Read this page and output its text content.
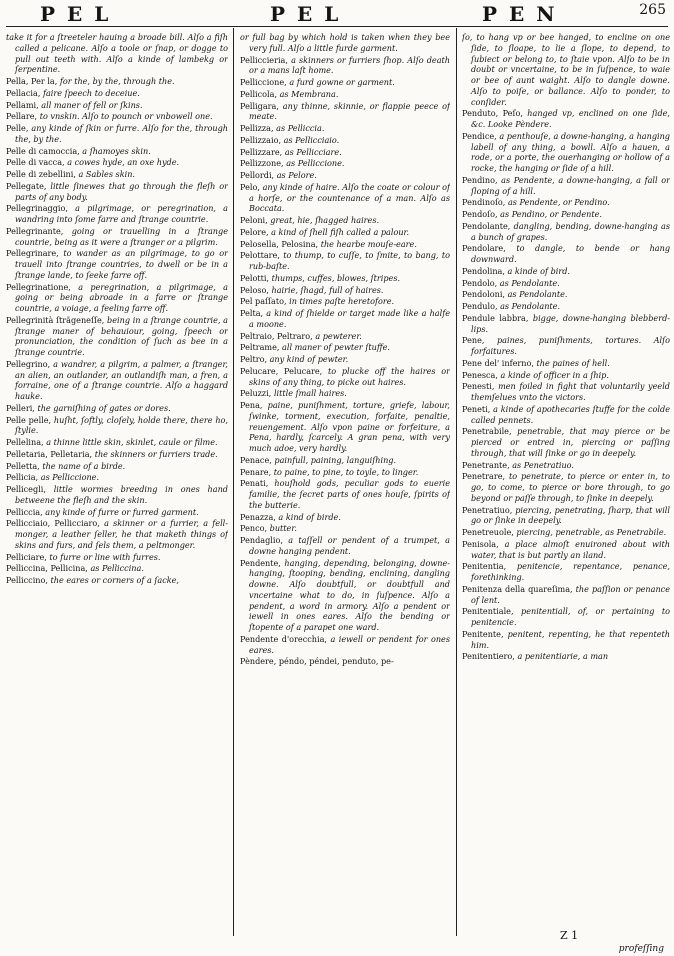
PEL	PEL	PEN	265
take it for a ſtreeteler hauing a broade bill. Alſo a fiſh called a pelicane. Alſo a toole or ſnap, or dogge to pull out teeth with. Alſo a kinde of lambekg or ſerpentine.
Pella, Per la, for the, by the, through the.
Pellacia, faire ſpeech to deceiue.
Pellami, all maner of fell or ſkins.
Pellare, to vnskin. Alſo to pounch or vnbowell one.
Pelle, any kinde of ſkin or furre. Alſo for the, through the, by the.
Pelle di camoccia, a ſhamoyes skin.
Pelle di vacca, a cowes hyde, an oxe hyde.
Pelle di zebellini, a Sables skin.
Pellegate, little ſinewes that go through the fleſh or parts of any body.
Pellegrinaggio, a pilgrimage, or peregrination, a wandring into ſome farre and ſtrange countrie.
Pellegrinante, going or trauelling in a ſtrange countrie, being as it were a ſtranger or a pilgrim.
Pellegrinare, to wander as an pilgrimage, to go or trauell into ſtrange countries, to dwell or be in a ſtrange lande, to ſeeke farre off.
Pellegrinatione, a peregrination, a pilgrimage, a going or being abroade in a farre or ſtrange countrie, a voiage, a feeling farre off.
Pellegrinità ſtrãgeneſſe, being in a ſtrange countrie, a ſtrange maner of behauiour, going, ſpeech or pronunciation, the condition of ſuch as bee in a ſtrange countrie.
Pellegrino, a wandrer, a pilgrim, a palmer, a ſtranger, an alien, an outlander, an outlandiſh man, a fren, a forraine, one of a ſtrange countrie. Alſo a haggard hauke.
Pelleri, the garniſhing of gates or dores.
Pelle pelle, huſht, ſoftly, cloſely, holde there, there ho, ſtylie.
Pellelina, a thinne little skin, skinlet, caule or filme.
Pelletaria, Pelletaria, the skinners or furriers trade.
Pelletta, the name of a birde.
Pellicia, as Pelliccione.
Pellicegli, little wormes breeding in ones hand betweene the fleſh and the skin.
Pelliccia, any kinde of furre or furred garment.
Pellicciaio, Pellicciaro, a skinner or a furrier, a fell-monger, a leather ſeller, he that maketh things of skins and furs, and ſels them, a peltmonger.
Pelliciare, to furre or line with furres.
Pelliccina, Pellicina, as Pelliccina.
Pelliccino, the eares or corners of a ſacke,
or full bag by which hold is taken when they bee very full. Alſo a little furde garment.
Pelliccieria, a skinners or furriers ſhop. Alſo death or a mans laſt home.
Pelliccione, a furd gowne or garment.
Pellicola, as Membrana.
Pelligara, any thinne, skinnie, or flappie peece of meate.
Pellizza, as Pelliccia.
Pellizzaio, as Pellicciaio.
Pellizzare, as Pellicciare.
Pellizzone, as Pelliccione.
Pellordi, as Pelore.
Pelo, any kinde of haire. Alſo the coate or colour of a horſe, or the countenance of a man. Alſo as Boccata.
Peloni, great, hie, ſhagged haires.
Pelore, a kind of ſhell fiſh called a palour.
Pelosella, Pelosina, the hearbe mouſe-eare.
Pelottare, to thump, to cuſſe, to ſmite, to bang, to rub-baſte.
Pelotti, thumps, cuffes, blowes, ſtripes.
Peloso, hairie, ſhagd, full of haires.
Pel paſſato, in times paſte heretofore.
Pelta, a kind of ſhielde or target made like a halfe a moone.
Peltraio, Peltraro, a pewterer.
Peltrame, all maner of pewter ſtuffe.
Peltro, any kind of pewter.
Pelucare, Pelucare, to plucke off the haires or skins of any thing, to picke out haires.
Peluzzi, little ſmall haires.
Pena, paine, puniſhment, torture, griefe, labour, ſwinke, torment, execution, forfaite, penaltie, reuengement. Alſo vpon paine or forfeiture, a Pena, hardly, ſcarcely. A gran pena, with very much adoe, very hardly.
Penace, painfull, paining, languiſhing.
Penare, to paine, to pine, to toyle, to linger.
Penati, houſhold gods, peculiar gods to euerie familie, the ſecret parts of ones houſe, ſpirits of the butterie.
Penazza, a kind of birde.
Penco, butter.
Pendaglio, a taſſell or pendent of a trumpet, a downe hanging pendent.
Pendente, hanging, depending, belonging, downe-hanging, ſtooping, bending, enclining, dangling downe. Alſo doubtfull, or doubtfull and vncertaine what to do, in ſuſpence. Alſo a pendent, a word in armory. Alſo a pendent or iewell in ones eares. Alſo the bending or ſtopente of a parapet one ward.
Pendente d'orecchia, a iewell or pendent for ones eares.
Pèndere, péndo, péndei, penduto, pe-
ſo, to hang vp or bee hanged, to encline on one ſide, to ſloape, to lie a ſlope, to depend, to ſubiect or belong to, to ſtaie vpon. Alſo to be in doubt or vncertaine, to be in ſuſpence, to waie or bee of aunt waight. Alſo to dangle downe. Alſo to poiſe, or ballance. Alſo to ponder, to conſider.
Penduto, Peſo, hanged vp, enclined on one ſide, &c. Looke Pèndere.
Pendice, a penthouſe, a downe-hanging, a hanging labell of any thing, a bowll. Alſo a hauen, a rode, or a porte, the ouerhanging or hollow of a rocke, the hanging or ſide of a hill.
Pendino, as Pendente, a downe-hanging, a fall or ſloping of a hill.
Pendinoſo, as Pendente, or Pendino.
Pendoſo, as Pendino, or Pendente.
Pendolante, dangling, bending, downe-hanging as a bunch of grapes.
Pendolare, to dangle, to bende or hang downward.
Pendolina, a kinde of bird.
Pendolo, as Pendolante.
Pendoloni, as Pendolante.
Pendulo, as Pendolante.
Pendule labbra, bigge, downe-hanging blebberd-lips.
Pene, paines, puniſhments, tortures. Alſo forfaitures.
Pene del' inferno, the paines of hell.
Penesca, a kinde of officer in a ſhip.
Penesti, men foiled in fight that voluntarily yeeld themſelues vnto the victors.
Peneti, a kinde of apothecaries ſtuffe for the colde called pennets.
Penetrabile, penetrable, that may pierce or be pierced or entred in, piercing or paſſing through, that will ſinke or go in deepely.
Penetrante, as Penetratiuo.
Penetrare, to penetrate, to pierce or enter in, to go, to come, to pierce or bore through, to go beyond or paſſe through, to ſinke in deepely.
Penetratiuo, piercing, penetrating, ſharp, that will go or ſinke in deepely.
Penetreuole, piercing, penetrable, as Penetrabile.
Penisola, a place almoſt enuironed about with water, that is but partly an iland.
Penitentia, penitencie, repentance, penance, forethinking.
Penitenza della quareſima, the paſſion or penance of lent.
Penitentiale, penitentiall, of, or pertaining to penitencie.
Penitente, penitent, repenting, he that repenteth him.
Penitentiero, a penitentiarie, a man
Z 1
profeſſing
